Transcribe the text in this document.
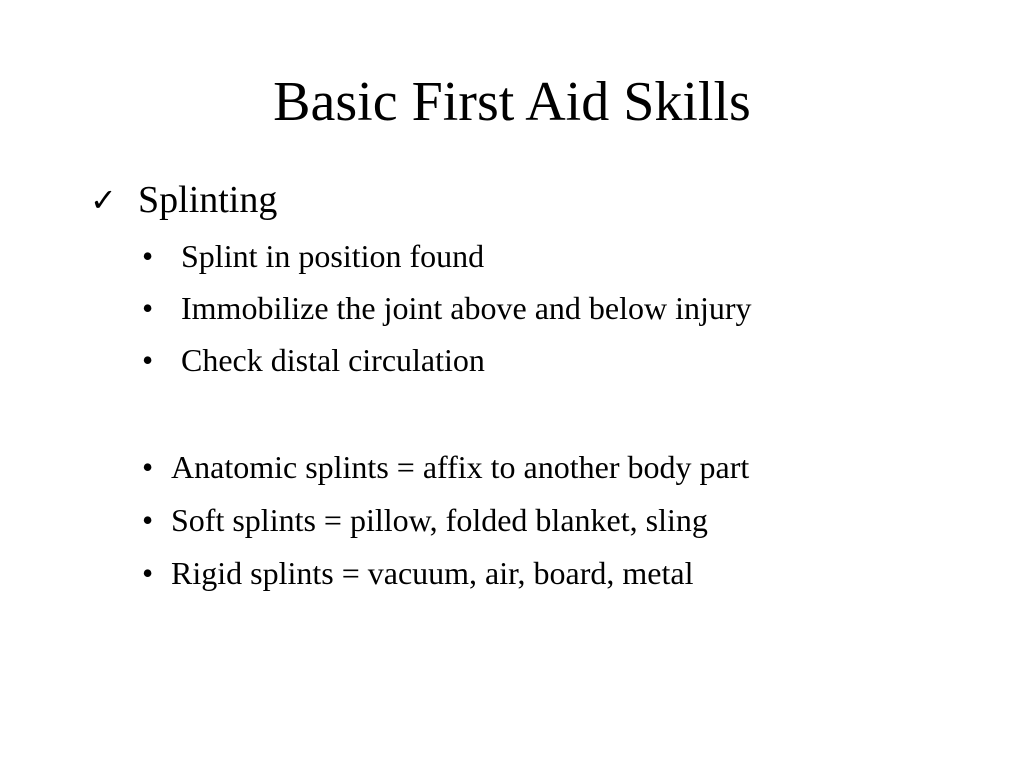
Basic First Aid Skills
✓ Splinting
• Splint in position found
• Immobilize the joint above and below injury
• Check distal circulation
• Anatomic splints = affix to another body part
• Soft splints = pillow, folded blanket, sling
• Rigid splints = vacuum, air, board, metal
